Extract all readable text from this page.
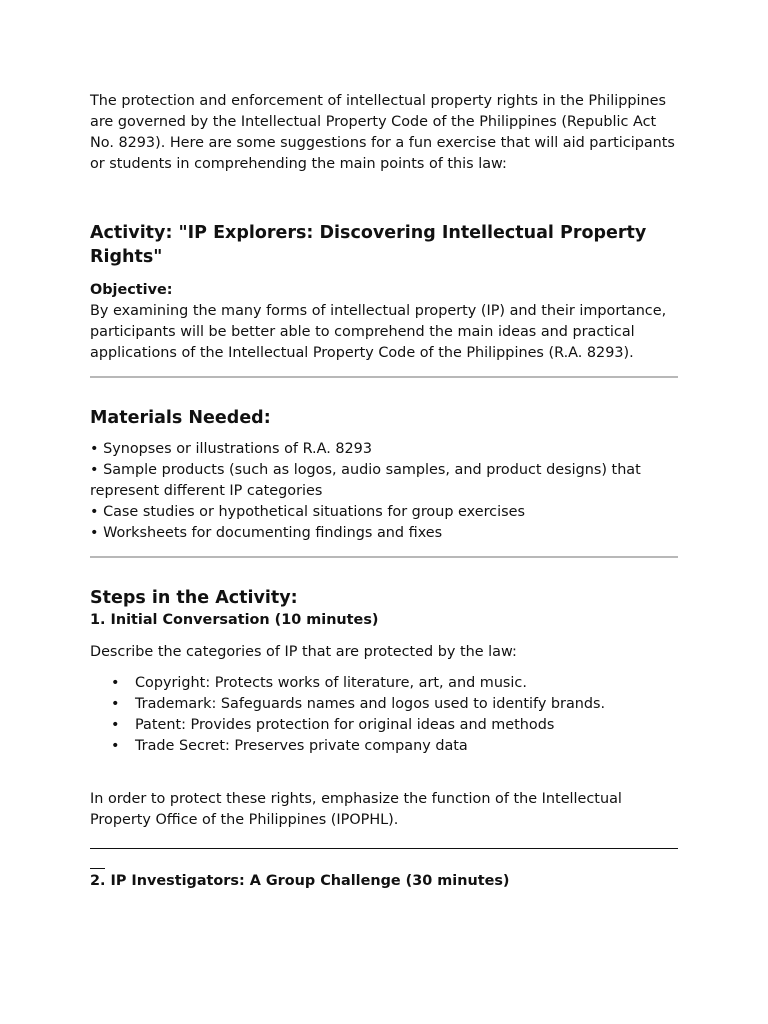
The protection and enforcement of intellectual property rights in the Philippines are governed by the Intellectual Property Code of the Philippines (Republic Act No. 8293). Here are some suggestions for a fun exercise that will aid participants or students in comprehending the main points of this law:

Activity: "IP Explorers: Discovering Intellectual Property Rights"

Objective:

By examining the many forms of intellectual property (IP) and their importance, participants will be better able to comprehend the main ideas and practical applications of the Intellectual Property Code of the Philippines (R.A. 8293).

Materials Needed:

• Synopses or illustrations of R.A. 8293

• Sample products (such as logos, audio samples, and product designs) that represent different IP categories

• Case studies or hypothetical situations for group exercises

• Worksheets for documenting findings and fixes

Steps in the Activity:

1. Initial Conversation (10 minutes)

Describe the categories of IP that are protected by the law:

• Copyright: Protects works of literature, art, and music.
• Trademark: Safeguards names and logos used to identify brands.
• Patent: Provides protection for original ideas and methods
• Trade Secret: Preserves private company data

In order to protect these rights, emphasize the function of the Intellectual Property Office of the Philippines (IPOPHL).

2. IP Investigators: A Group Challenge (30 minutes)
